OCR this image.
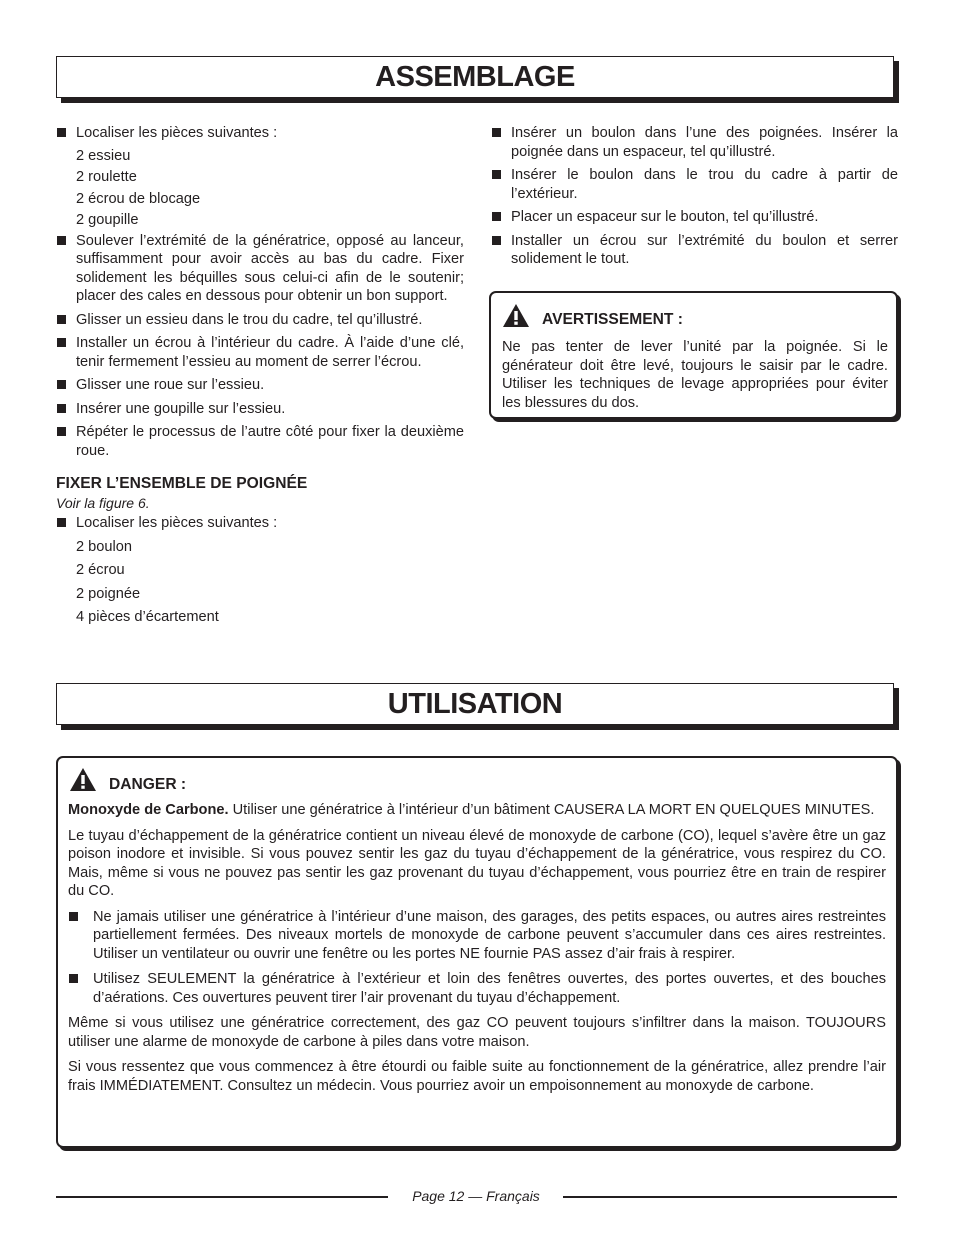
ASSEMBLAGE

Localiser les pièces suivantes :

2 essieu

2 roulette

2 écrou de blocage

2 goupille

Soulever l’extrémité de la génératrice, opposé au lanceur, suffisamment pour avoir accès au bas du cadre. Fixer solidement les béquilles sous celui-ci afin de le soutenir; placer des cales en dessous pour obtenir un bon support.

Glisser un essieu dans le trou du cadre, tel qu’illustré.

Installer un écrou à l’intérieur du cadre. À l’aide d’une clé, tenir fermement l’essieu au moment de serrer l’écrou.

Glisser une roue sur l’essieu.

Insérer une goupille sur l’essieu.

Répéter le processus de l’autre côté pour fixer la deuxième roue.

FIXER L’ENSEMBLE DE POIGNÉE

Voir la figure 6.

Localiser les pièces suivantes :

2 boulon

2 écrou

2 poignée

4 pièces d’écartement

Insérer un boulon dans l’une des poignées. Insérer la poignée dans un espaceur, tel qu’illustré.

Insérer le boulon dans le trou du cadre à partir de l’extérieur.

Placer un espaceur sur le bouton, tel qu’illustré.

Installer un écrou sur l’extrémité du boulon et serrer solidement le tout.

AVERTISSEMENT :

Ne pas tenter de lever l’unité par la poignée. Si le générateur doit être levé, toujours le saisir par le cadre. Utiliser les techniques de levage appropriées pour éviter les blessures du dos.

UTILISATION
DANGER :

Monoxyde de Carbone. Utiliser une génératrice à l’intérieur d’un bâtiment CAUSERA LA MORT EN QUELQUES MINUTES.

Le tuyau d’échappement de la génératrice contient un niveau élevé de monoxyde de carbone (CO), lequel s’avère être un gaz poison inodore et invisible. Si vous pouvez sentir les gaz du tuyau d’échappement de la génératrice, vous respirez du CO. Mais, même si vous ne pouvez pas sentir les gaz provenant du tuyau d’échappement, vous pourriez être en train de respirer du CO.

Ne jamais utiliser une génératrice à l’intérieur d’une maison, des garages, des petits espaces, ou autres aires restreintes partiellement fermées. Des niveaux mortels de monoxyde de carbone peuvent s’accumuler dans ces aires restreintes. Utiliser un ventilateur ou ouvrir une fenêtre ou les portes NE fournie PAS assez d’air frais à respirer.

Utilisez SEULEMENT la génératrice à l’extérieur et loin des fenêtres ouvertes, des portes ouvertes, et des bouches d’aérations. Ces ouvertures peuvent tirer l’air provenant du tuyau d’échappement.

Même si vous utilisez une génératrice correctement, des gaz CO peuvent toujours s’infiltrer dans la maison. TOUJOURS utiliser une alarme de monoxyde de carbone à piles dans votre maison.

Si vous ressentez que vous commencez à être étourdi ou faible suite au fonctionnement de la génératrice, allez prendre l’air frais IMMÉDIATEMENT. Consultez un médecin. Vous pourriez avoir un empoisonnement au monoxyde de carbone.

Page 12 — Français
